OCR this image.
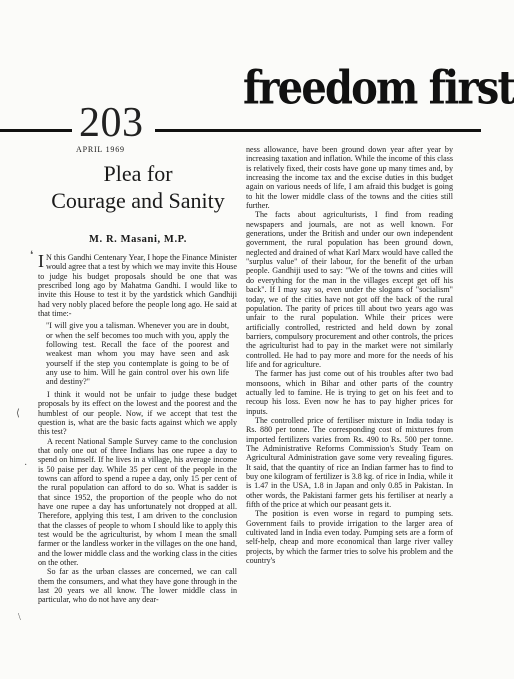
freedom first
203
APRIL 1969
Plea for
Courage and Sanity
M. R. Masani, M.P.

I N this Gandhi Centenary Year, I hope the Finance Minister would agree that a test by which we may invite this House to judge his budget proposals should be one that was prescribed long ago by Mahatma Gandhi. I would like to invite this House to test it by the yardstick which Gandhiji had very nobly placed before the people long ago. He said at that time:-

"I will give you a talisman. Whenever you are in doubt, or when the self becomes too much with you, apply the following test. Recall the face of the poorest and weakest man whom you may have seen and ask yourself if the step you contemplate is going to be of any use to him. Will he gain control over his own life and destiny?"

I think it would not be unfair to judge these budget proposals by its effect on the lowest and the poorest and the humblest of our people. Now, if we accept that test the question is, what are the basic facts against which we apply this test?

A recent National Sample Survey came to the conclusion that only one out of three Indians has one rupee a day to spend on himself. If he lives in a village, his average income is 50 paise per day. While 35 per cent of the people in the towns can afford to spend a rupee a day, only 15 per cent of the rural population can afford to do so. What is sadder is that since 1952, the proportion of the people who do not have one rupee a day has unfortunately not dropped at all. Therefore, applying this test, I am driven to the conclusion that the classes of people to whom I should like to apply this test would be the agriculturist, by whom I mean the small farmer or the landless worker in the villages on the one hand, and the lower middle class and the working class in the cities on the other.

So far as the urban classes are concerned, we can call them the consumers, and what they have gone through in the last 20 years we all know. The lower middle class in particular, who do not have any dear-

ness allowance, have been ground down year after year by increasing taxation and inflation. While the income of this class is relatively fixed, their costs have gone up many times and, by increasing the income tax and the excise duties in this budget again on various needs of life, I am afraid this budget is going to hit the lower middle class of the towns and the cities still further.

The facts about agriculturists, I find from reading newspapers and journals, are not as well known. For generations, under the British and under our own independent government, the rural population has been ground down, neglected and drained of what Karl Marx would have called the "surplus value" of their labour, for the benefit of the urban people. Gandhiji used to say: "We of the towns and cities will do everything for the man in the villages except get off his back". If I may say so, even under the slogans of "socialism" today, we of the cities have not got off the back of the rural population. The parity of prices till about two years ago was unfair to the rural population. While their prices were artificially controlled, restricted and held down by zonal barriers, compulsory procurement and other controls, the prices the agriculturist had to pay in the market were not similarly controlled. He had to pay more and more for the needs of his life and for agriculture.

The farmer has just come out of his troubles after two bad monsoons, which in Bihar and other parts of the country actually led to famine. He is trying to get on his feet and to recoup his loss. Even now he has to pay higher prices for inputs.

The controlled price of fertiliser mixture in India today is Rs. 880 per tonne. The corresponding cost of mixtures from imported fertilizers varies from Rs. 490 to Rs. 500 per tonne. The Administrative Reforms Commission's Study Team on Agricultural Administration gave some very revealing figures. It said, that the quantity of rice an Indian farmer has to find to buy one kilogram of fertilizer is 3.8 kg. of rice in India, while it is 1.47 in the USA, 1.8 in Japan and only 0.85 in Pakistan. In other words, the Pakistani farmer gets his fertiliser at nearly a fifth of the price at which our peasant gets it.

The position is even worse in regard to pumping sets. Government fails to provide irrigation to the larger area of cultivated land in India even today. Pumping sets are a form of self-help, cheap and more economical than large river valley projects, by which the farmer tries to solve his problem and the country's

❛
⟨
·
\
